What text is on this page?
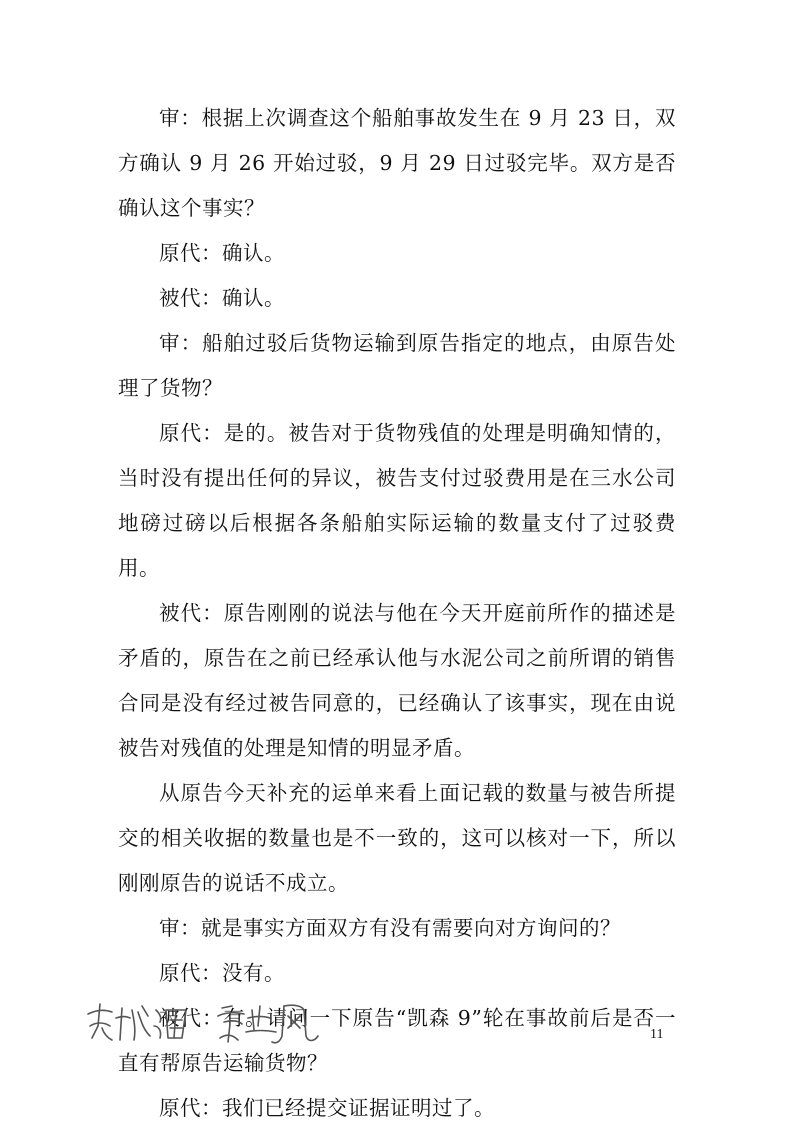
审：根据上次调查这个船舶事故发生在 9 月 23 日，双方确认 9 月 26 开始过驳，9 月 29 日过驳完毕。双方是否确认这个事实？

原代：确认。

被代：确认。

审：船舶过驳后货物运输到原告指定的地点，由原告处理了货物？

原代：是的。被告对于货物残值的处理是明确知情的，当时没有提出任何的异议，被告支付过驳费用是在三水公司地磅过磅以后根据各条船舶实际运输的数量支付了过驳费用。

被代：原告刚刚的说法与他在今天开庭前所作的描述是矛盾的，原告在之前已经承认他与水泥公司之前所谓的销售合同是没有经过被告同意的，已经确认了该事实，现在由说被告对残值的处理是知情的明显矛盾。

从原告今天补充的运单来看上面记载的数量与被告所提交的相关收据的数量也是不一致的，这可以核对一下，所以刚刚原告的说话不成立。

审：就是事实方面双方有没有需要向对方询问的？

原代：没有。

被代：有。请问一下原告“凯森 9”轮在事故前后是否一直有帮原告运输货物？

原代：我们已经提交证据证明过了。

11
